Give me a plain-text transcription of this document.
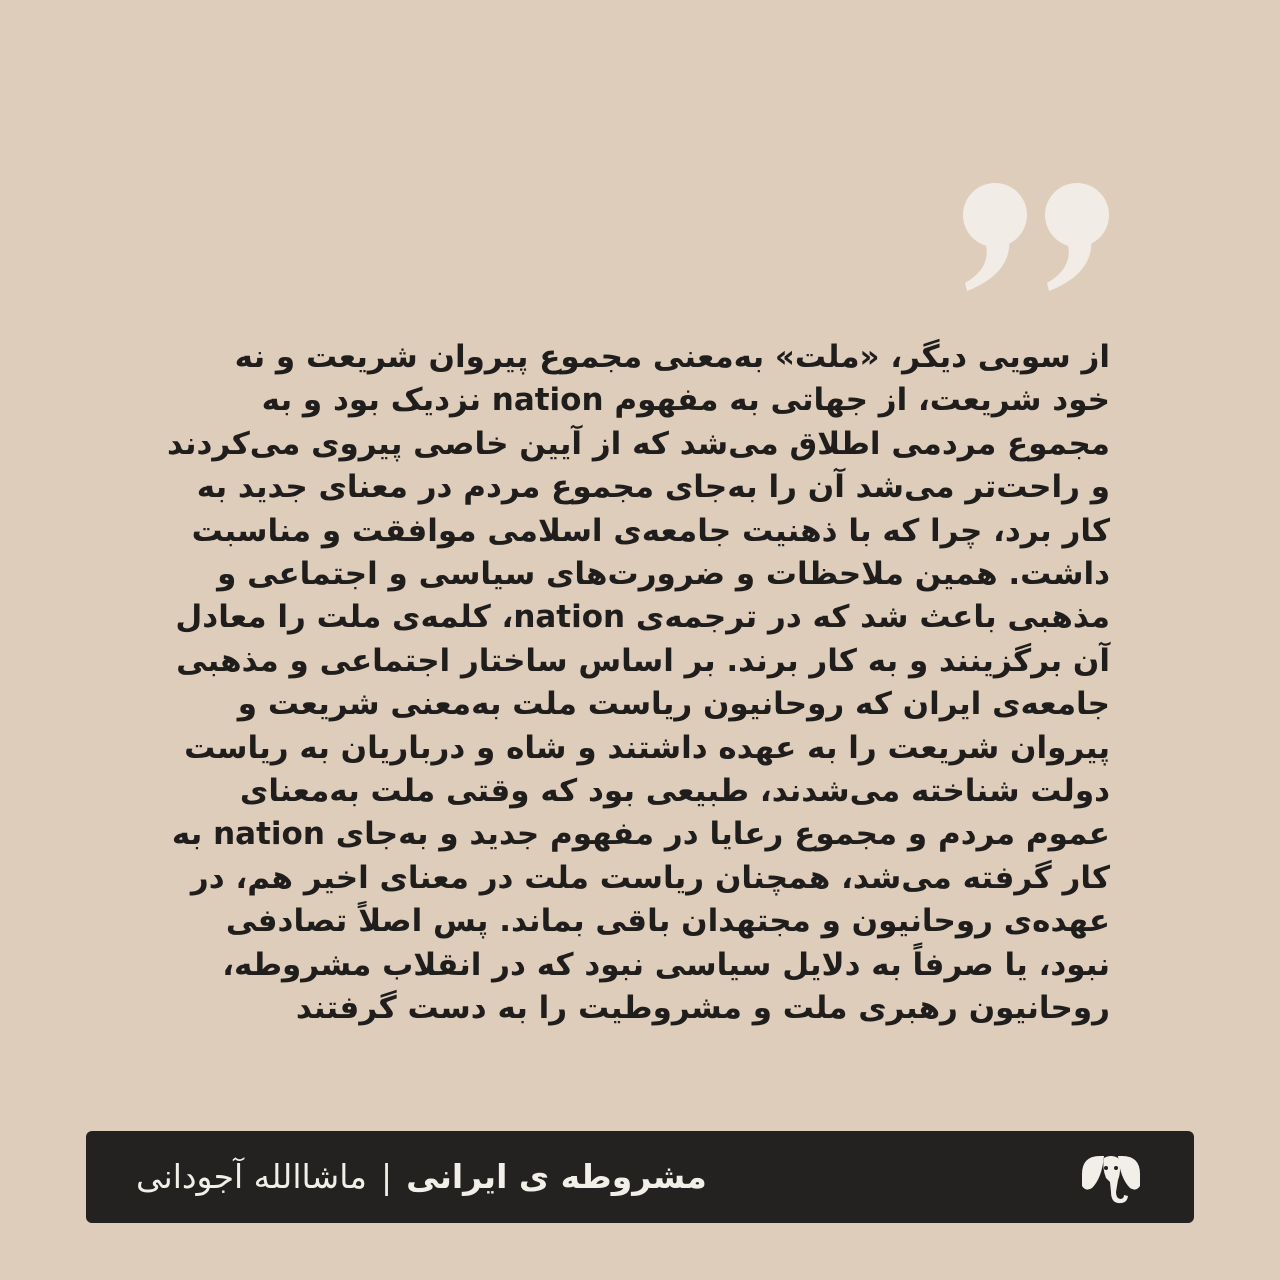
از سویی دیگر، «ملت» به‌معنی مجموع پیروان شریعت و نه
خود شریعت، از جهاتی به مفهوم nation نزدیک بود و به
مجموع مردمی اطلاق می‌شد که از آیین خاصی پیروی می‌کردند
و راحت‌تر می‌شد آن را به‌جای مجموع مردم در معنای جدید به
کار برد، چرا که با ذهنیت جامعه‌ی اسلامی موافقت و مناسبت
داشت. همین ملاحظات و ضرورت‌های سیاسی و اجتماعی و
مذهبی باعث شد که در ترجمه‌ی nation، کلمه‌ی ملت را معادل
آن برگزینند و به کار برند. بر اساس ساختار اجتماعی و مذهبی
جامعه‌ی ایران که روحانیون ریاست ملت به‌معنی شریعت و
پیروان شریعت را به عهده داشتند و شاه و درباریان به ریاست
دولت شناخته می‌شدند، طبیعی بود که وقتی ملت به‌معنای
عموم مردم و مجموع رعایا در مفهوم جدید و به‌جای nation به
کار گرفته می‌شد، همچنان ریاست ملت در معنای اخیر هم، در
عهده‌ی روحانیون و مجتهدان باقی بماند. پس اصلاً تصادفی
نبود، یا صرفاً به دلایل سیاسی نبود که در انقلاب مشروطه،
روحانیون رهبری ملت و مشروطیت را به دست گرفتند
مشروطه ی ایرانی|ماشاالله آجودانی
